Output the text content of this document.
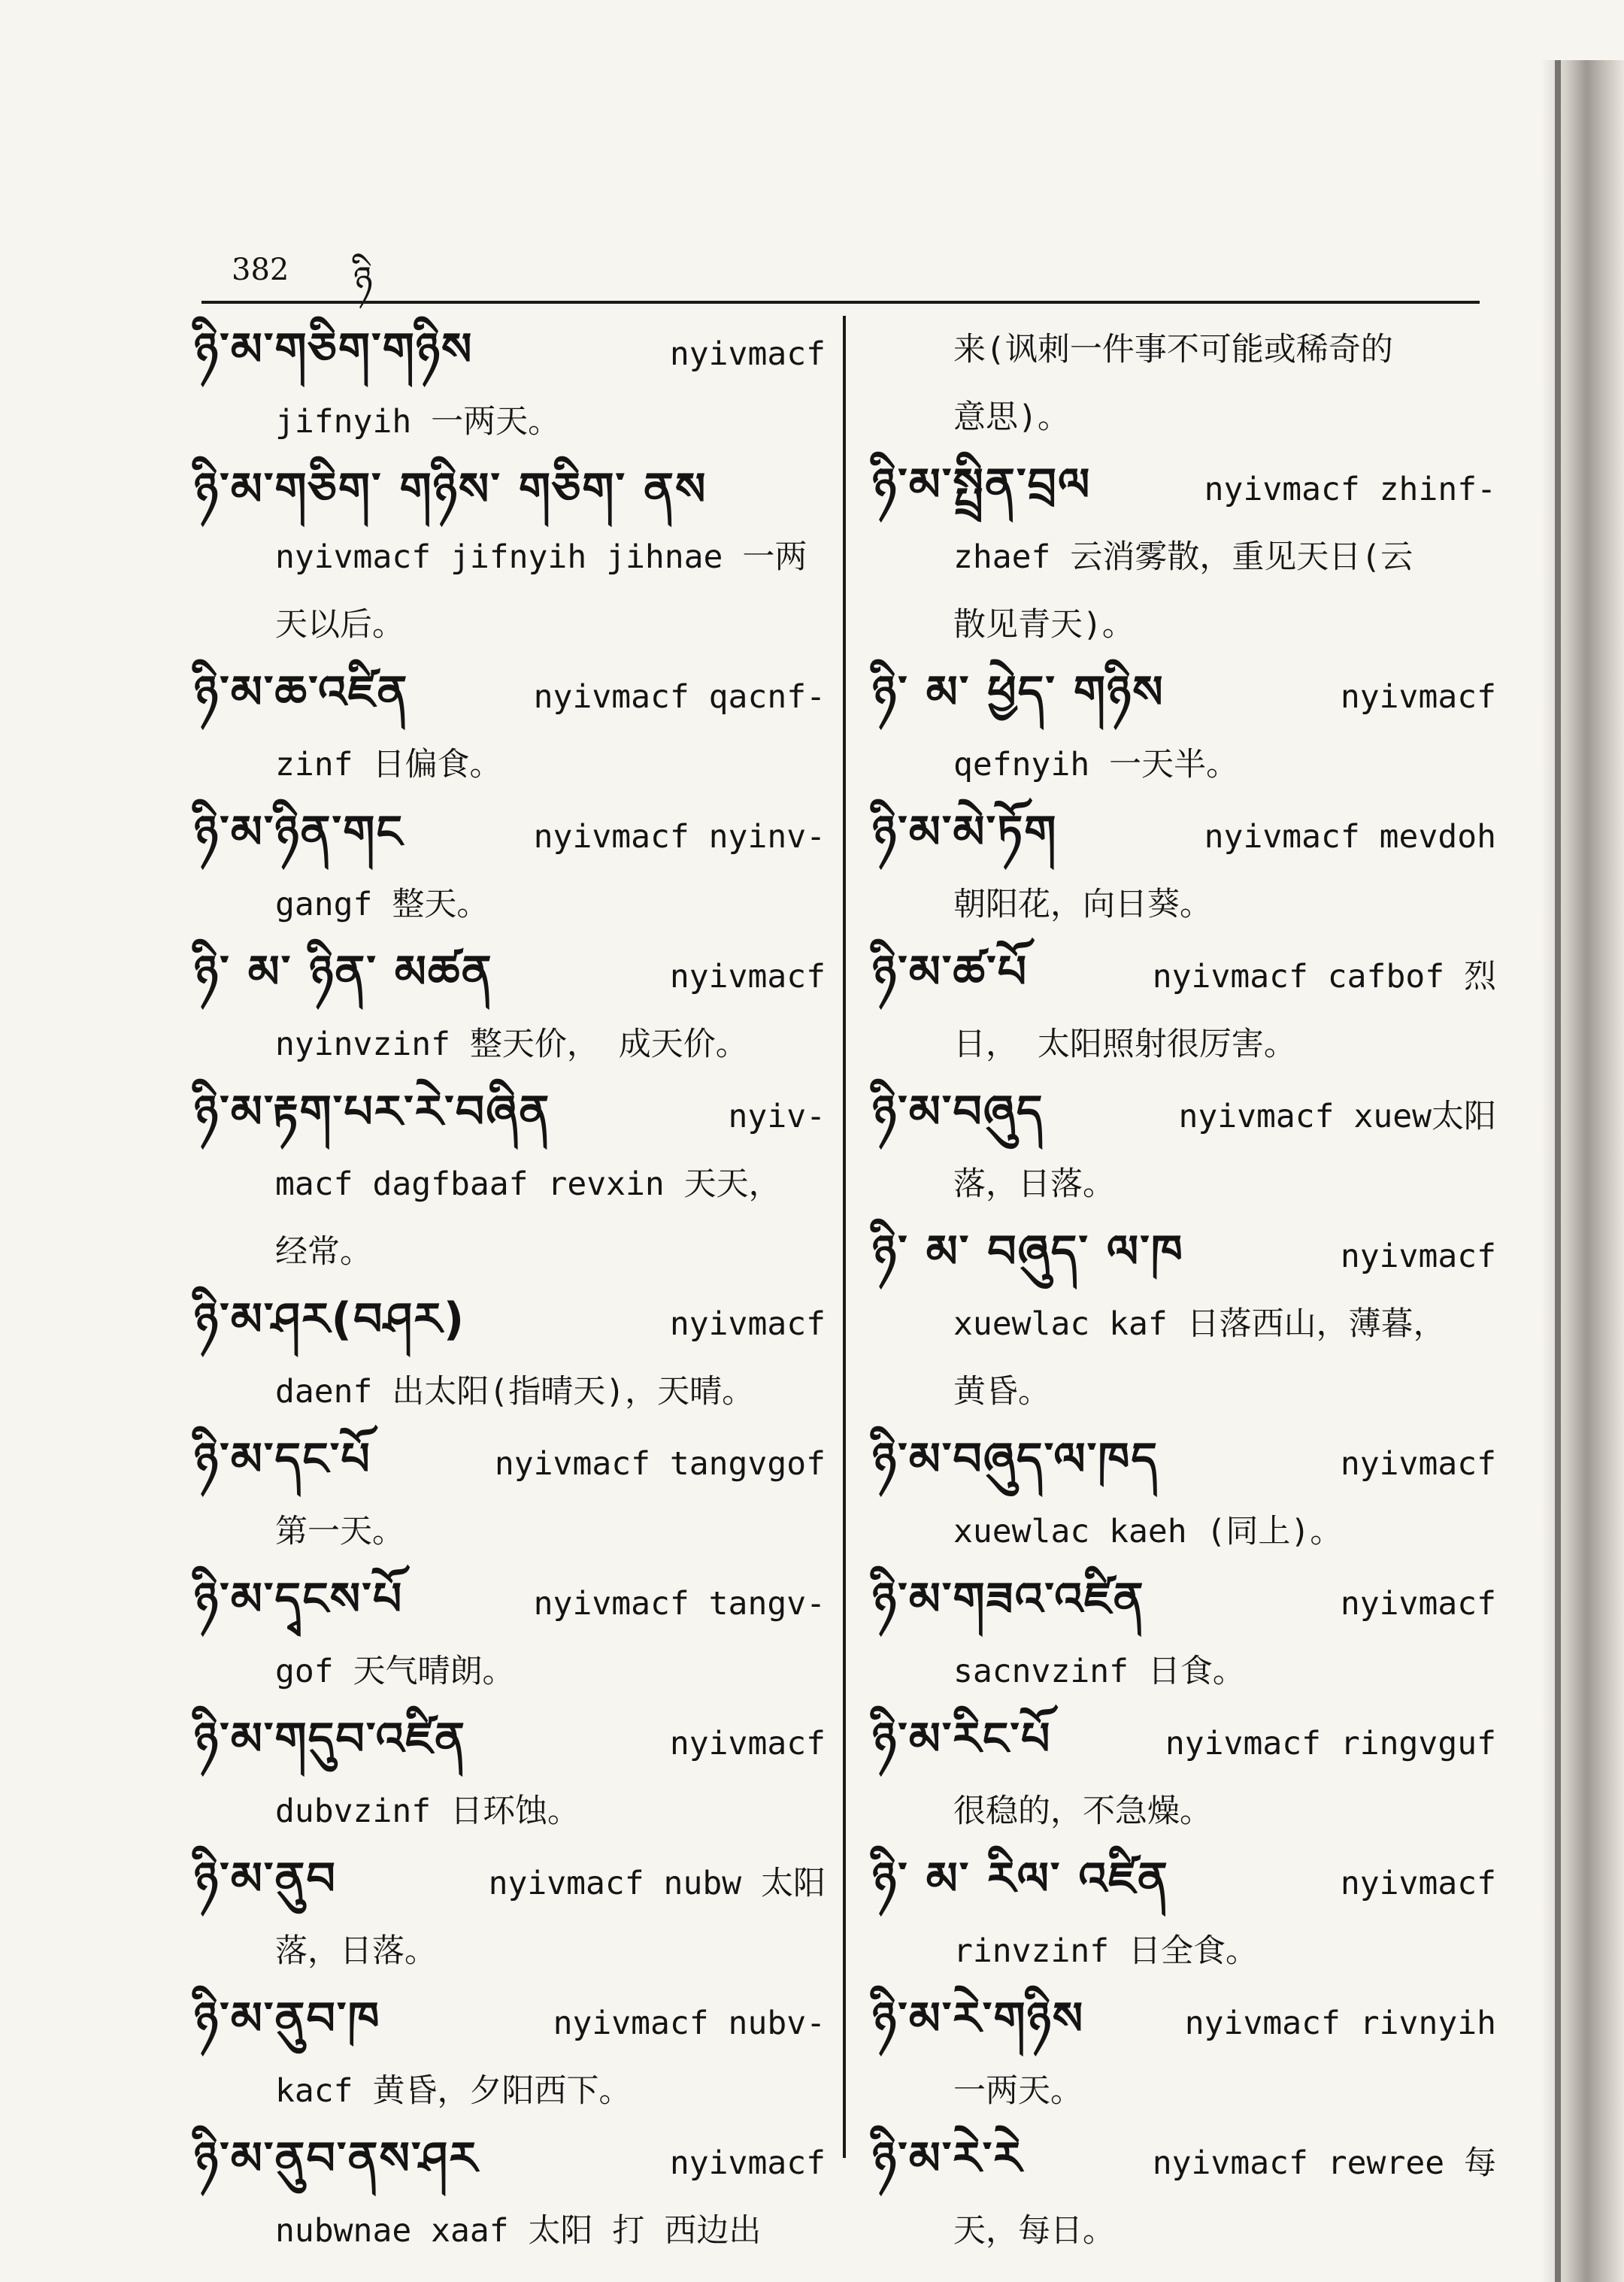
382 ཉི
ཉི་མ་གཅིག་གཉིས	nyivmacf
jifnyih 一两天。
ཉི་མ་གཅིག་ གཉིས་ གཅིག་ ནས
nyivmacf jifnyih jihnae 一两
天以后。
ཉི་མ་ཆ་འཛིན	nyivmacf qacnf-
zinf 日偏食。
ཉི་མ་ཉིན་གང	nyivmacf nyinv-
gangf 整天。
ཉི་ མ་ ཉིན་ མཚན	nyivmacf
nyinvzinf 整天价， 成天价。
ཉི་མ་རྟག་པར་རེ་བཞིན	nyiv-
macf dagfbaaf revxin 天天，
经常。
ཉི་མ་ཤར(བཤར)	nyivmacf
daenf 出太阳(指晴天)，天晴。
ཉི་མ་དང་པོ	nyivmacf tangvgof
第一天。
ཉི་མ་དྭངས་པོ	nyivmacf tangv-
gof 天气晴朗。
ཉི་མ་གདུབ་འཛིན	nyivmacf
dubvzinf 日环蚀。
ཉི་མ་ནུབ	nyivmacf nubw 太阳
落，日落。
ཉི་མ་ནུབ་ཁ	nyivmacf nubv-
kacf 黄昏，夕阳西下。
ཉི་མ་ནུབ་ནས་ཤར	nyivmacf
nubwnae xaaf 太阳 打 西边出
来(讽刺一件事不可能或稀奇的
意思)。
ཉི་མ་སྤྲིན་བྲལ	nyivmacf zhinf-
zhaef 云消雾散，重见天日(云
散见青天)。
ཉི་ མ་ ཕྱེད་ གཉིས	nyivmacf
qefnyih 一天半。
ཉི་མ་མེ་ཏོག	nyivmacf mevdoh
朝阳花，向日葵。
ཉི་མ་ཚ་པོ	nyivmacf cafbof 烈
日， 太阳照射很厉害。
ཉི་མ་བཞུད	nyivmacf xuew太阳
落，日落。
ཉི་ མ་ བཞུད་ ལ་ཁ	nyivmacf
xuewlac kaf 日落西山，薄暮，
黄昏。
ཉི་མ་བཞུད་ལ་ཁད	nyivmacf
xuewlac kaeh (同上)。
ཉི་མ་གཟའ་འཛིན	nyivmacf
sacnvzinf 日食。
ཉི་མ་རིང་པོ	nyivmacf ringvguf
很稳的，不急燥。
ཉི་ མ་ རིལ་ འཛིན	nyivmacf
rinvzinf 日全食。
ཉི་མ་རེ་གཉིས	nyivmacf rivnyih
一两天。
ཉི་མ་རེ་རེ	nyivmacf rewree 每
天，每日。
